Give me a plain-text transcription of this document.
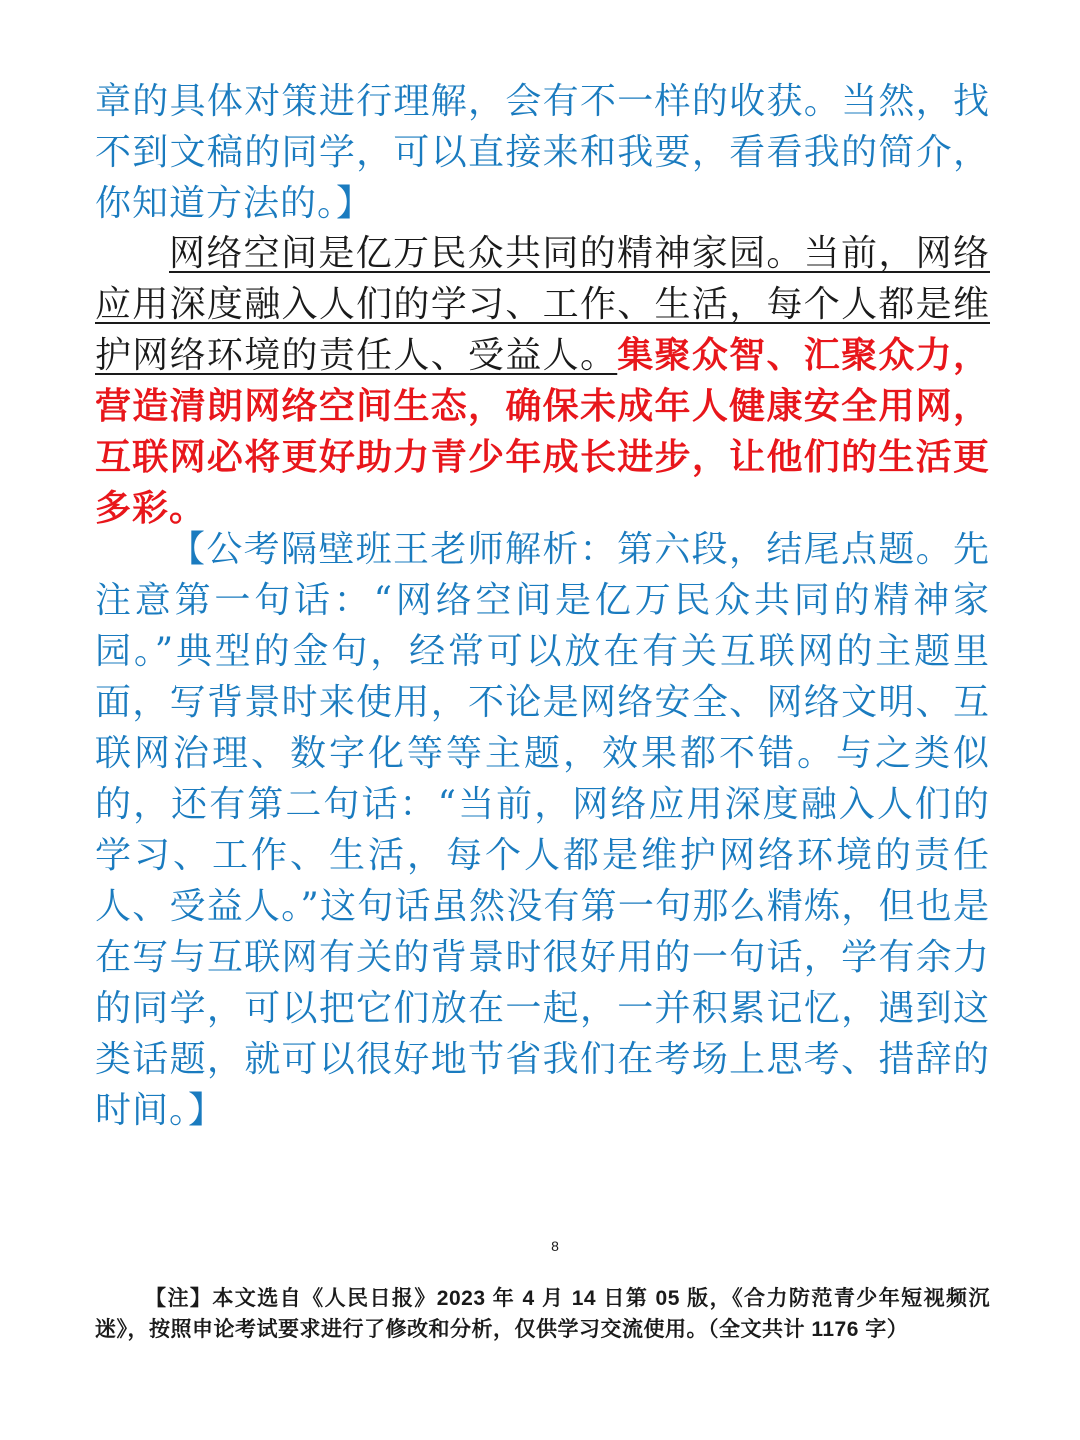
章的具体对策进行理解，会有不一样的收获。当然，找不到文稿的同学，可以直接来和我要，看看我的简介，你知道方法的。】

网络空间是亿万民众共同的精神家园。当前，网络应用深度融入人们的学习、工作、生活，每个人都是维护网络环境的责任人、受益人。集聚众智、汇聚众力，营造清朗网络空间生态，确保未成年人健康安全用网，互联网必将更好助力青少年成长进步，让他们的生活更多彩。

【公考隔壁班王老师解析：第六段，结尾点题。先注意第一句话：“网络空间是亿万民众共同的精神家园。”典型的金句，经常可以放在有关互联网的主题里面，写背景时来使用，不论是网络安全、网络文明、互联网治理、数字化等等主题，效果都不错。与之类似的，还有第二句话：“当前，网络应用深度融入人们的学习、工作、生活，每个人都是维护网络环境的责任人、受益人。”这句话虽然没有第一句那么精炼，但也是在写与互联网有关的背景时很好用的一句话，学有余力的同学，可以把它们放在一起，一并积累记忆，遇到这类话题，就可以很好地节省我们在考场上思考、措辞的时间。】

8

【注】本文选自《人民日报》2023 年 4 月 14 日第 05 版，《合力防范青少年短视频沉迷》，按照申论考试要求进行了修改和分析，仅供学习交流使用。（全文共计 1176 字）
